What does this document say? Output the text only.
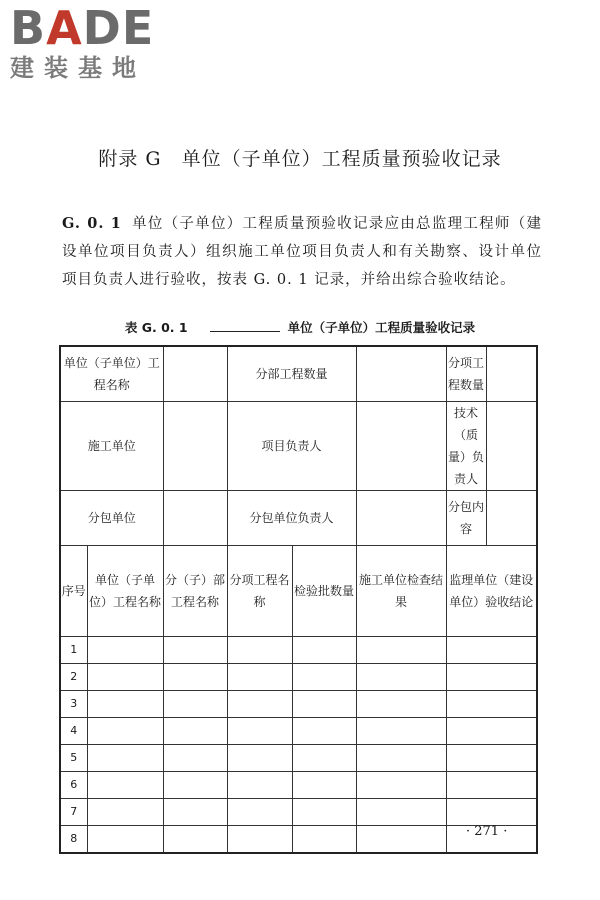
BADE
建装基地
附录 G　单位（子单位）工程质量预验收记录
G. 0. 1 单位（子单位）工程质量预验收记录应由总监理工程师（建设单位项目负责人）组织施工单位项目负责人和有关勘察、设计单位项目负责人进行验收，按表 G. 0. 1 记录，并给出综合验收结论。
表 G. 0. 1	单位（子单位）工程质量验收记录
单位（子单位）工程名称			分部工程数量			分项工程数量	
施工单位			项目负责人			技术（质量）负责人	
分包单位			分包单位负责人			分包内容	
序号	单位（子单位）工程名称	分（子）部工程名称	分项工程名称	检验批数量	施工单位检查结果	监理单位（建设单位）验收结论	
1							
2							
3							
4							
5							
6							
7							
8								· 271 ·
